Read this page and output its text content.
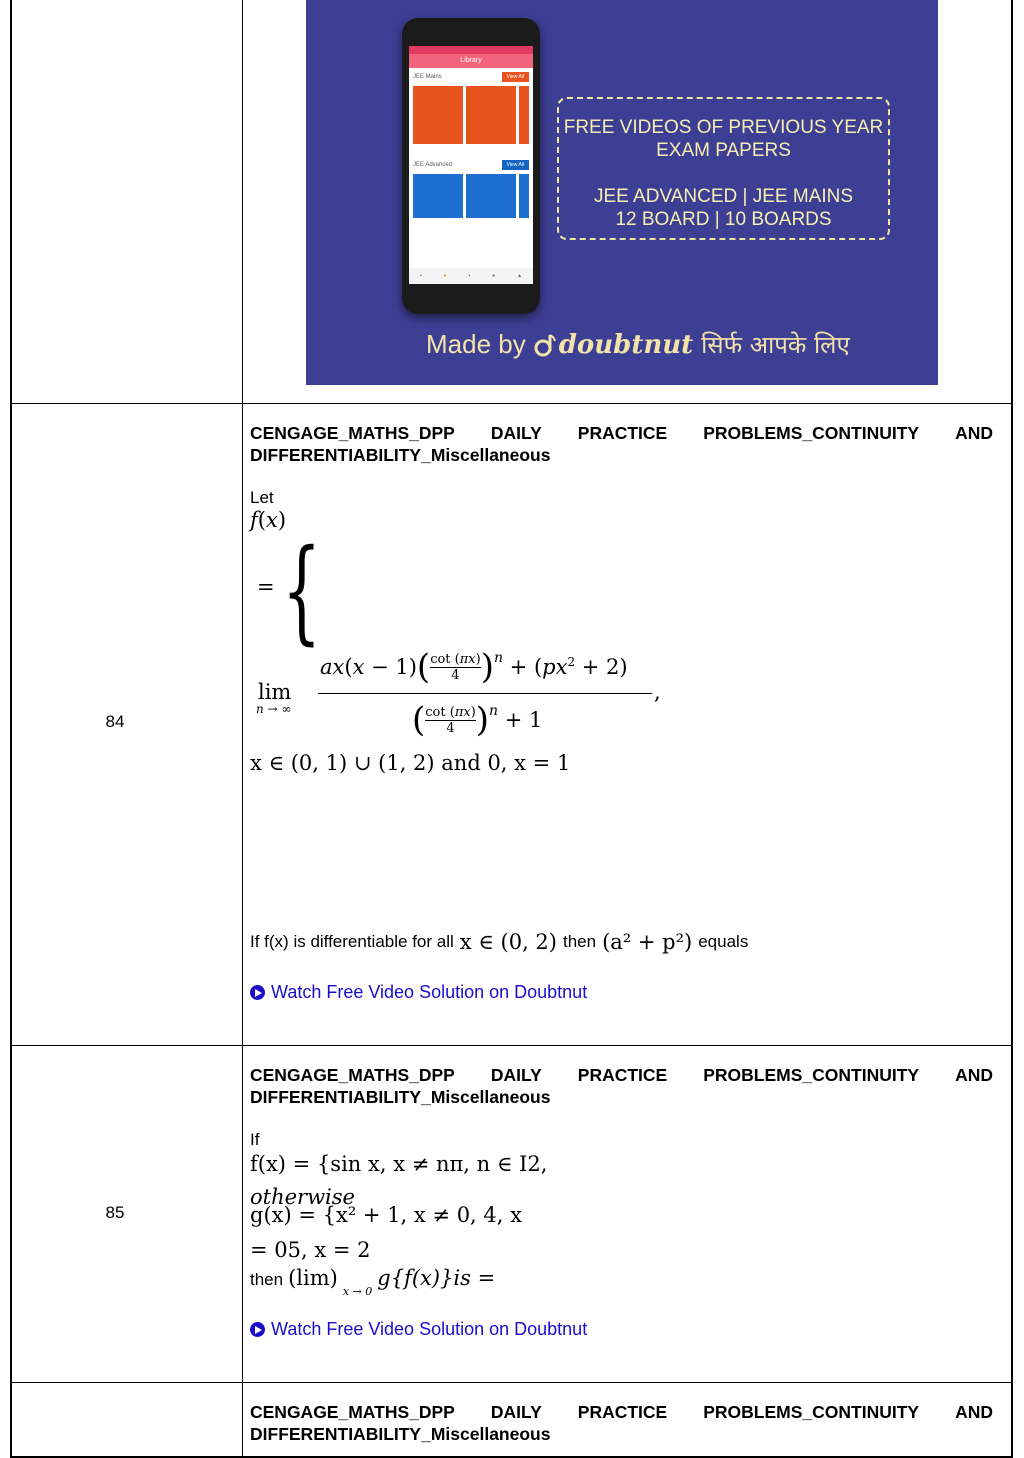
Library
JEE Mains	View All
JEE Advanced	View All
▪	●	▪	●	▲
FREE VIDEOS OF PREVIOUS YEAR
EXAM PAPERS
JEE ADVANCED | JEE MAINS
12 BOARD | 10 BOARDS
Made by doubtnut सिर्फ आपके लिए
84
CENGAGE_MATHS_DPP DAILY PRACTICE PROBLEMS_CONTINUITY AND
DIFFERENTIABILITY_Miscellaneous
Let
f(x)
= {
lim
n → ∞
ax(x − 1) ( cot (πx)
4 ) $n + (px^2 + 2)$
,
( cot (πx)
4 ) n + 1
x ∈ (0, 1) ∪ (1, 2) and 0, x = 1
If f(x) is differentiable for all x ∈ (0, 2) then (a² + p²) equals
Watch Free Video Solution on Doubtnut
85
CENGAGE_MATHS_DPP DAILY PRACTICE PROBLEMS_CONTINUITY AND
DIFFERENTIABILITY_Miscellaneous
If
f(x) = {sin x, x ≠ nπ, n ∈ I2,
otherwise
g(x) = {x² + 1, x ≠ 0, 4, x
= 05, x = 2
then (lim)
x → 0
g{f(x)}is =
Watch Free Video Solution on Doubtnut
CENGAGE_MATHS_DPP DAILY PRACTICE PROBLEMS_CONTINUITY AND
DIFFERENTIABILITY_Miscellaneous
